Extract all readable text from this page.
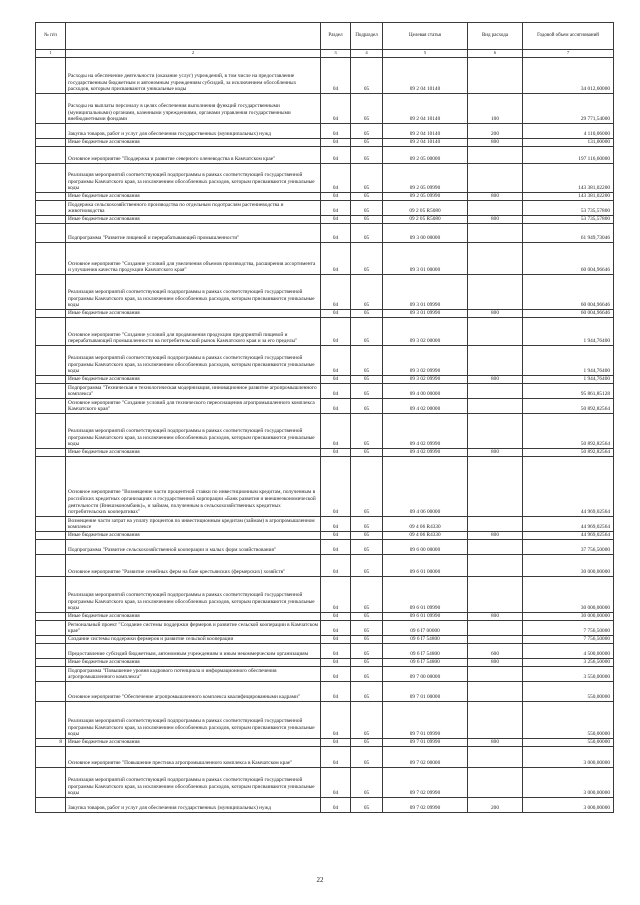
№ п/п		Раздел	Подраздел	Целевая статья	Вид расхода	Годовой объем ассигнований
1	2	3	4	5	6	7
	Расходы на обеспечение деятельности (оказание услуг) учреждений, в том числе на предоставление государственным бюджетным и автономным учреждениям субсидий, за исключением обособленных расходов, которым присваиваются уникальные коды	04	05	09 2 04 10140		34 012,60000
	Расходы на выплаты персоналу в целях обеспечения выполнения функций государственными (муниципальными) органами, казенными учреждениями, органами управления государственными внебюджетными фондами	04	05	09 2 04 10140	100	29 771,54000
	Закупка товаров, работ и услуг для обеспечения государственных (муниципальных) нужд	04	05	09 2 04 10140	200	4 110,06000
	Иные бюджетные ассигнования	04	05	09 2 04 10140	800	131,00000
	Основное мероприятие "Поддержка и развитие северного оленеводства в Камчатском крае"	04	05	09 2 05 00000		197 116,60000
	Реализация мероприятий соответствующей подпрограммы в рамках соответствующей государственной программы Камчатского края, за исключением обособленных расходов, которым присваиваются уникальные коды	04	05	09 2 05 09990		143 381,02200
	Иные бюджетные ассигнования	04	05	09 2 05 09990	800	143 381,02200
	Поддержка сельскохозяйственного производства по отдельным подотраслям растениеводства и животноводства	04	05	09 2 05 R5080		53 735,57800
	Иные бюджетные ассигнования	04	05	09 2 05 R5080	800	53 735,57800
	Подпрограмма "Развитие пищевой и перерабатывающей промышленности"	04	05	09 3 00 00000		61 949,73046
	Основное мероприятие "Создание условий для увеличения объемов производства, расширения ассортимента и улучшения качества продукции Камчатского края"	04	05	09 3 01 00000		60 004,96646
	Реализация мероприятий соответствующей подпрограммы в рамках соответствующей государственной программы Камчатского края, за исключением обособленных расходов, которым присваиваются уникальные коды	04	05	09 3 01 09990		60 004,96646
	Иные бюджетные ассигнования	04	05	09 3 01 09990	800	60 004,96646
	Основное мероприятие "Создание условий для продвижения продукции предприятий пищевой и перерабатывающей промышленности на потребительский рынок Камчатского края и за его пределы"	04	05	09 3 02 00000		1 944,76400
	Реализация мероприятий соответствующей подпрограммы в рамках соответствующей государственной программы Камчатского края, за исключением обособленных расходов, которым присваиваются уникальные коды	04	05	09 3 02 09990		1 944,76400
	Иные бюджетные ассигнования	04	05	09 3 02 09990	800	1 944,76400
	Подпрограмма "Техническая и технологическая модернизация, инновационное развитие агропромышленного комплекса"	04	05	09 4 00 00000		95 861,85128
	Основное мероприятие "Создание условий для технического переоснащения агропромышленного комплекса Камчатского края"	04	05	09 4 02 00000		50 892,82564
	Реализация мероприятий соответствующей подпрограммы в рамках соответствующей государственной программы Камчатского края, за исключением обособленных расходов, которым присваиваются уникальные коды	04	05	09 4 02 09990		50 892,82564
	Иные бюджетные ассигнования	04	05	09 4 02 09990	800	50 892,82564
	Основное мероприятие "Возмещение части процентной ставки по инвестиционным кредитам, полученным в российских кредитных организациях и государственной корпорации «Банк развития и внешнеэкономической деятельности (Внешэкономбанк)», и займам, полученным в сельскохозяйственных кредитных потребительских кооперативах"	04	05	09 4 06 00000		44 969,02564
	Возмещение части затрат на уплату процентов по инвестиционным кредитам (займам) в агропромышленном комплексе	04	05	09 4 06 R4330		44 969,02564
	Иные бюджетные ассигнования	04	05	09 4 06 R4330	800	44 969,02564
	Подпрограмма "Развитие сельскохозяйственной кооперации и малых форм хозяйствования"	04	05	09 6 00 00000		37 756,50000
	Основное мероприятие "Развитие семейных ферм на базе крестьянских (фермерских) хозяйств"	04	05	09 6 01 00000		30 000,00000
	Реализация мероприятий соответствующей подпрограммы в рамках соответствующей государственной программы Камчатского края, за исключением обособленных расходов, которым присваиваются уникальные коды	04	05	09 6 01 09990		30 000,00000
	Иные бюджетные ассигнования	04	05	09 6 01 09990	800	30 000,00000
	Региональный проект "Создание системы поддержки фермеров и развитие сельской кооперации в Камчатском крае"	04	05	09 6 I7 00000		7 756,50000
	Создание системы поддержки фермеров и развитие сельской кооперации	04	05	09 6 I7 54800		7 756,50000
	Предоставление субсидий бюджетным, автономным учреждениям и иным некоммерческим организациям	04	05	09 6 I7 54800	600	4 500,00000
	Иные бюджетные ассигнования	04	05	09 6 I7 54800	800	3 256,50000
	Подпрограмма "Повышение уровня кадрового потенциала и информационного обеспечения агропромышленного комплекса"	04	05	09 7 00 00000		3 550,00000
	Основное мероприятие "Обеспечение агропромышленного комплекса квалифицированными кадрами"	04	05	09 7 01 00000		550,00000
	Реализация мероприятий соответствующей подпрограммы в рамках соответствующей государственной программы Камчатского края, за исключением обособленных расходов, которым присваиваются уникальные коды	04	05	09 7 01 09990		550,00000
8	Иные бюджетные ассигнования	04	05	09 7 01 09990	800	550,00000
	Основное мероприятие "Повышение престижа агропромышленного комплекса в Камчатском крае"	04	05	09 7 02 00000		3 000,00000
	Реализация мероприятий соответствующей подпрограммы в рамках соответствующей государственной программы Камчатского края, за исключением обособленных расходов, которым присваиваются уникальные коды	04	05	09 7 02 09990		3 000,00000
	Закупка товаров, работ и услуг для обеспечения государственных (муниципальных) нужд	04	05	09 7 02 09990	200	3 000,00000
22
